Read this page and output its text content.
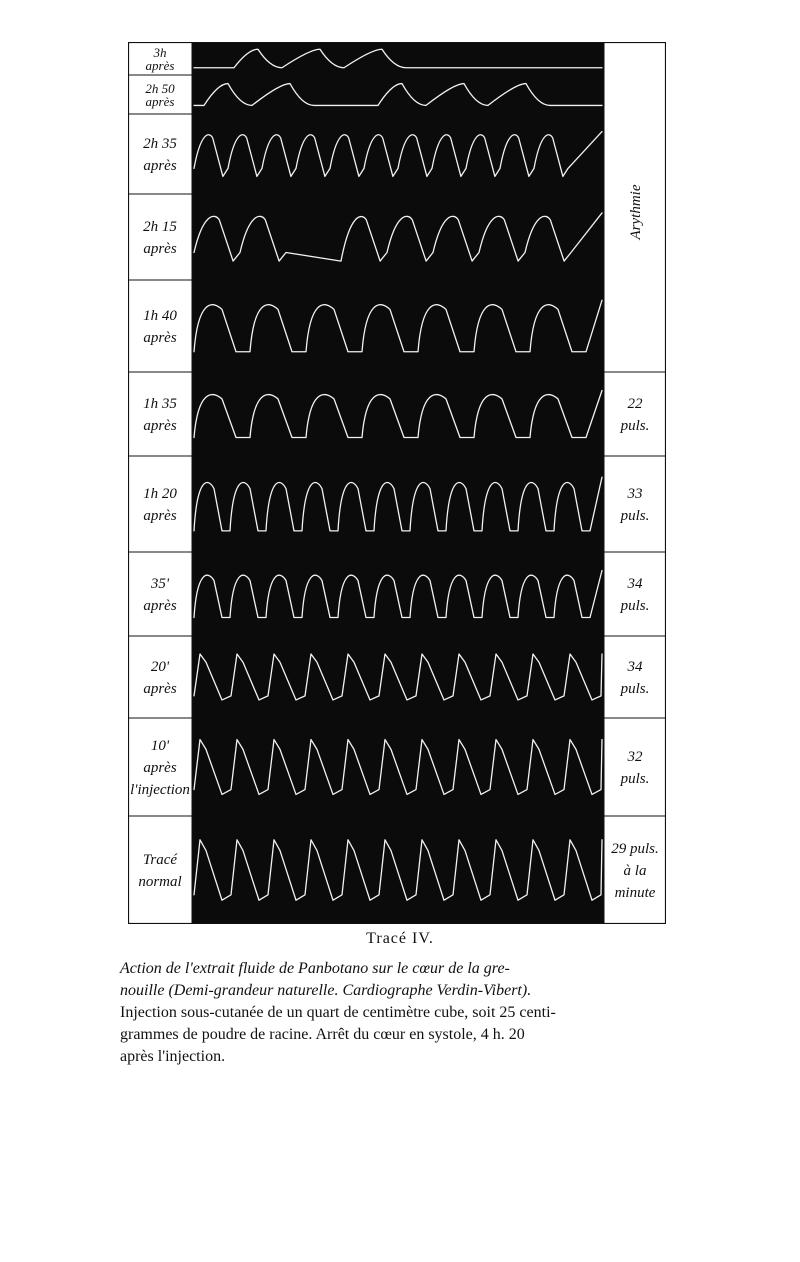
3h
après
2h 50
après
2h 35
après
2h 15
après
1h 40
après
1h 35
après
1h 20
après
35'
après
20'
après
10'
après
l'injection
Tracé
normal
22
puls.
33
puls.
34
puls.
34
puls.
32
puls.
29 puls.
à la
minute
Arythmie
Tracé IV.
Action de l'extrait fluide de Panbotano sur le cœur de la gre-
nouille (Demi-grandeur naturelle. Cardiographe Verdin-Vibert).
Injection sous-cutanée de un quart de centimètre cube, soit 25 centi-
grammes de poudre de racine. Arrêt du cœur en systole, 4 h. 20
après l'injection.
